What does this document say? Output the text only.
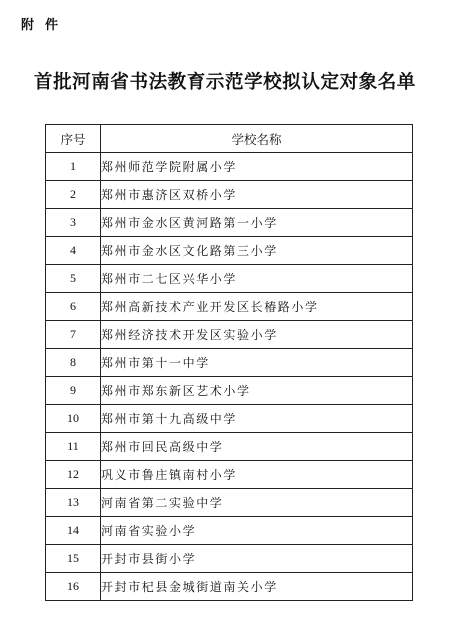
附件
首批河南省书法教育示范学校拟认定对象名单
序号	学校名称
1	郑州师范学院附属小学
2	郑州市惠济区双桥小学
3	郑州市金水区黄河路第一小学
4	郑州市金水区文化路第三小学
5	郑州市二七区兴华小学
6	郑州高新技术产业开发区长椿路小学
7	郑州经济技术开发区实验小学
8	郑州市第十一中学
9	郑州市郑东新区艺术小学
10	郑州市第十九高级中学
11	郑州市回民高级中学
12	巩义市鲁庄镇南村小学
13	河南省第二实验中学
14	河南省实验小学
15	开封市县街小学
16	开封市杞县金城街道南关小学
